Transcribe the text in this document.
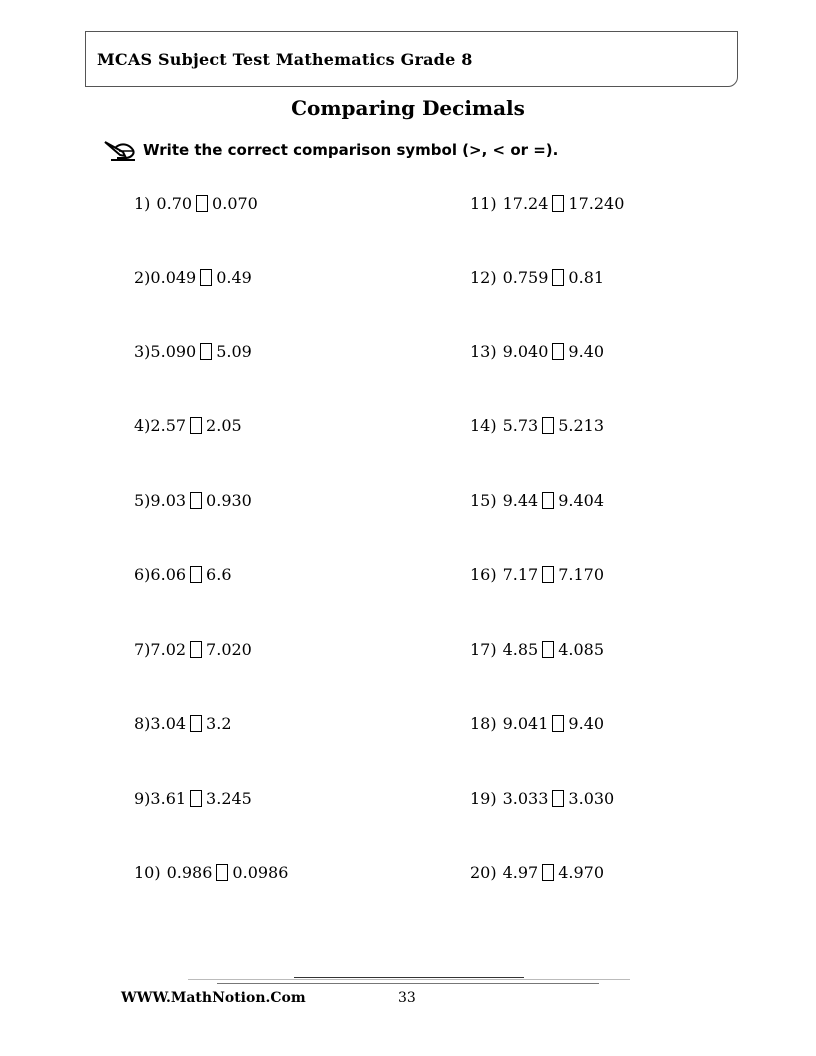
MCAS Subject Test Mathematics Grade 8
Comparing Decimals
Write the correct comparison symbol (>, < or =).
1) 0.70 0.070
2) 0.049 0.49
3) 5.090 5.09
4) 2.57 2.05
5) 9.03 0.930
6) 6.06 6.6
7) 7.02 7.020
8) 3.04 3.2
9) 3.61 3.245
10) 0.986 0.0986
11) 17.24 17.240
12) 0.759 0.81
13) 9.040 9.40
14) 5.73 5.213
15) 9.44 9.404
16) 7.17 7.170
17) 4.85 4.085
18) 9.041 9.40
19) 3.033 3.030
20) 4.97 4.970
WWW.MathNotion.Com	33
